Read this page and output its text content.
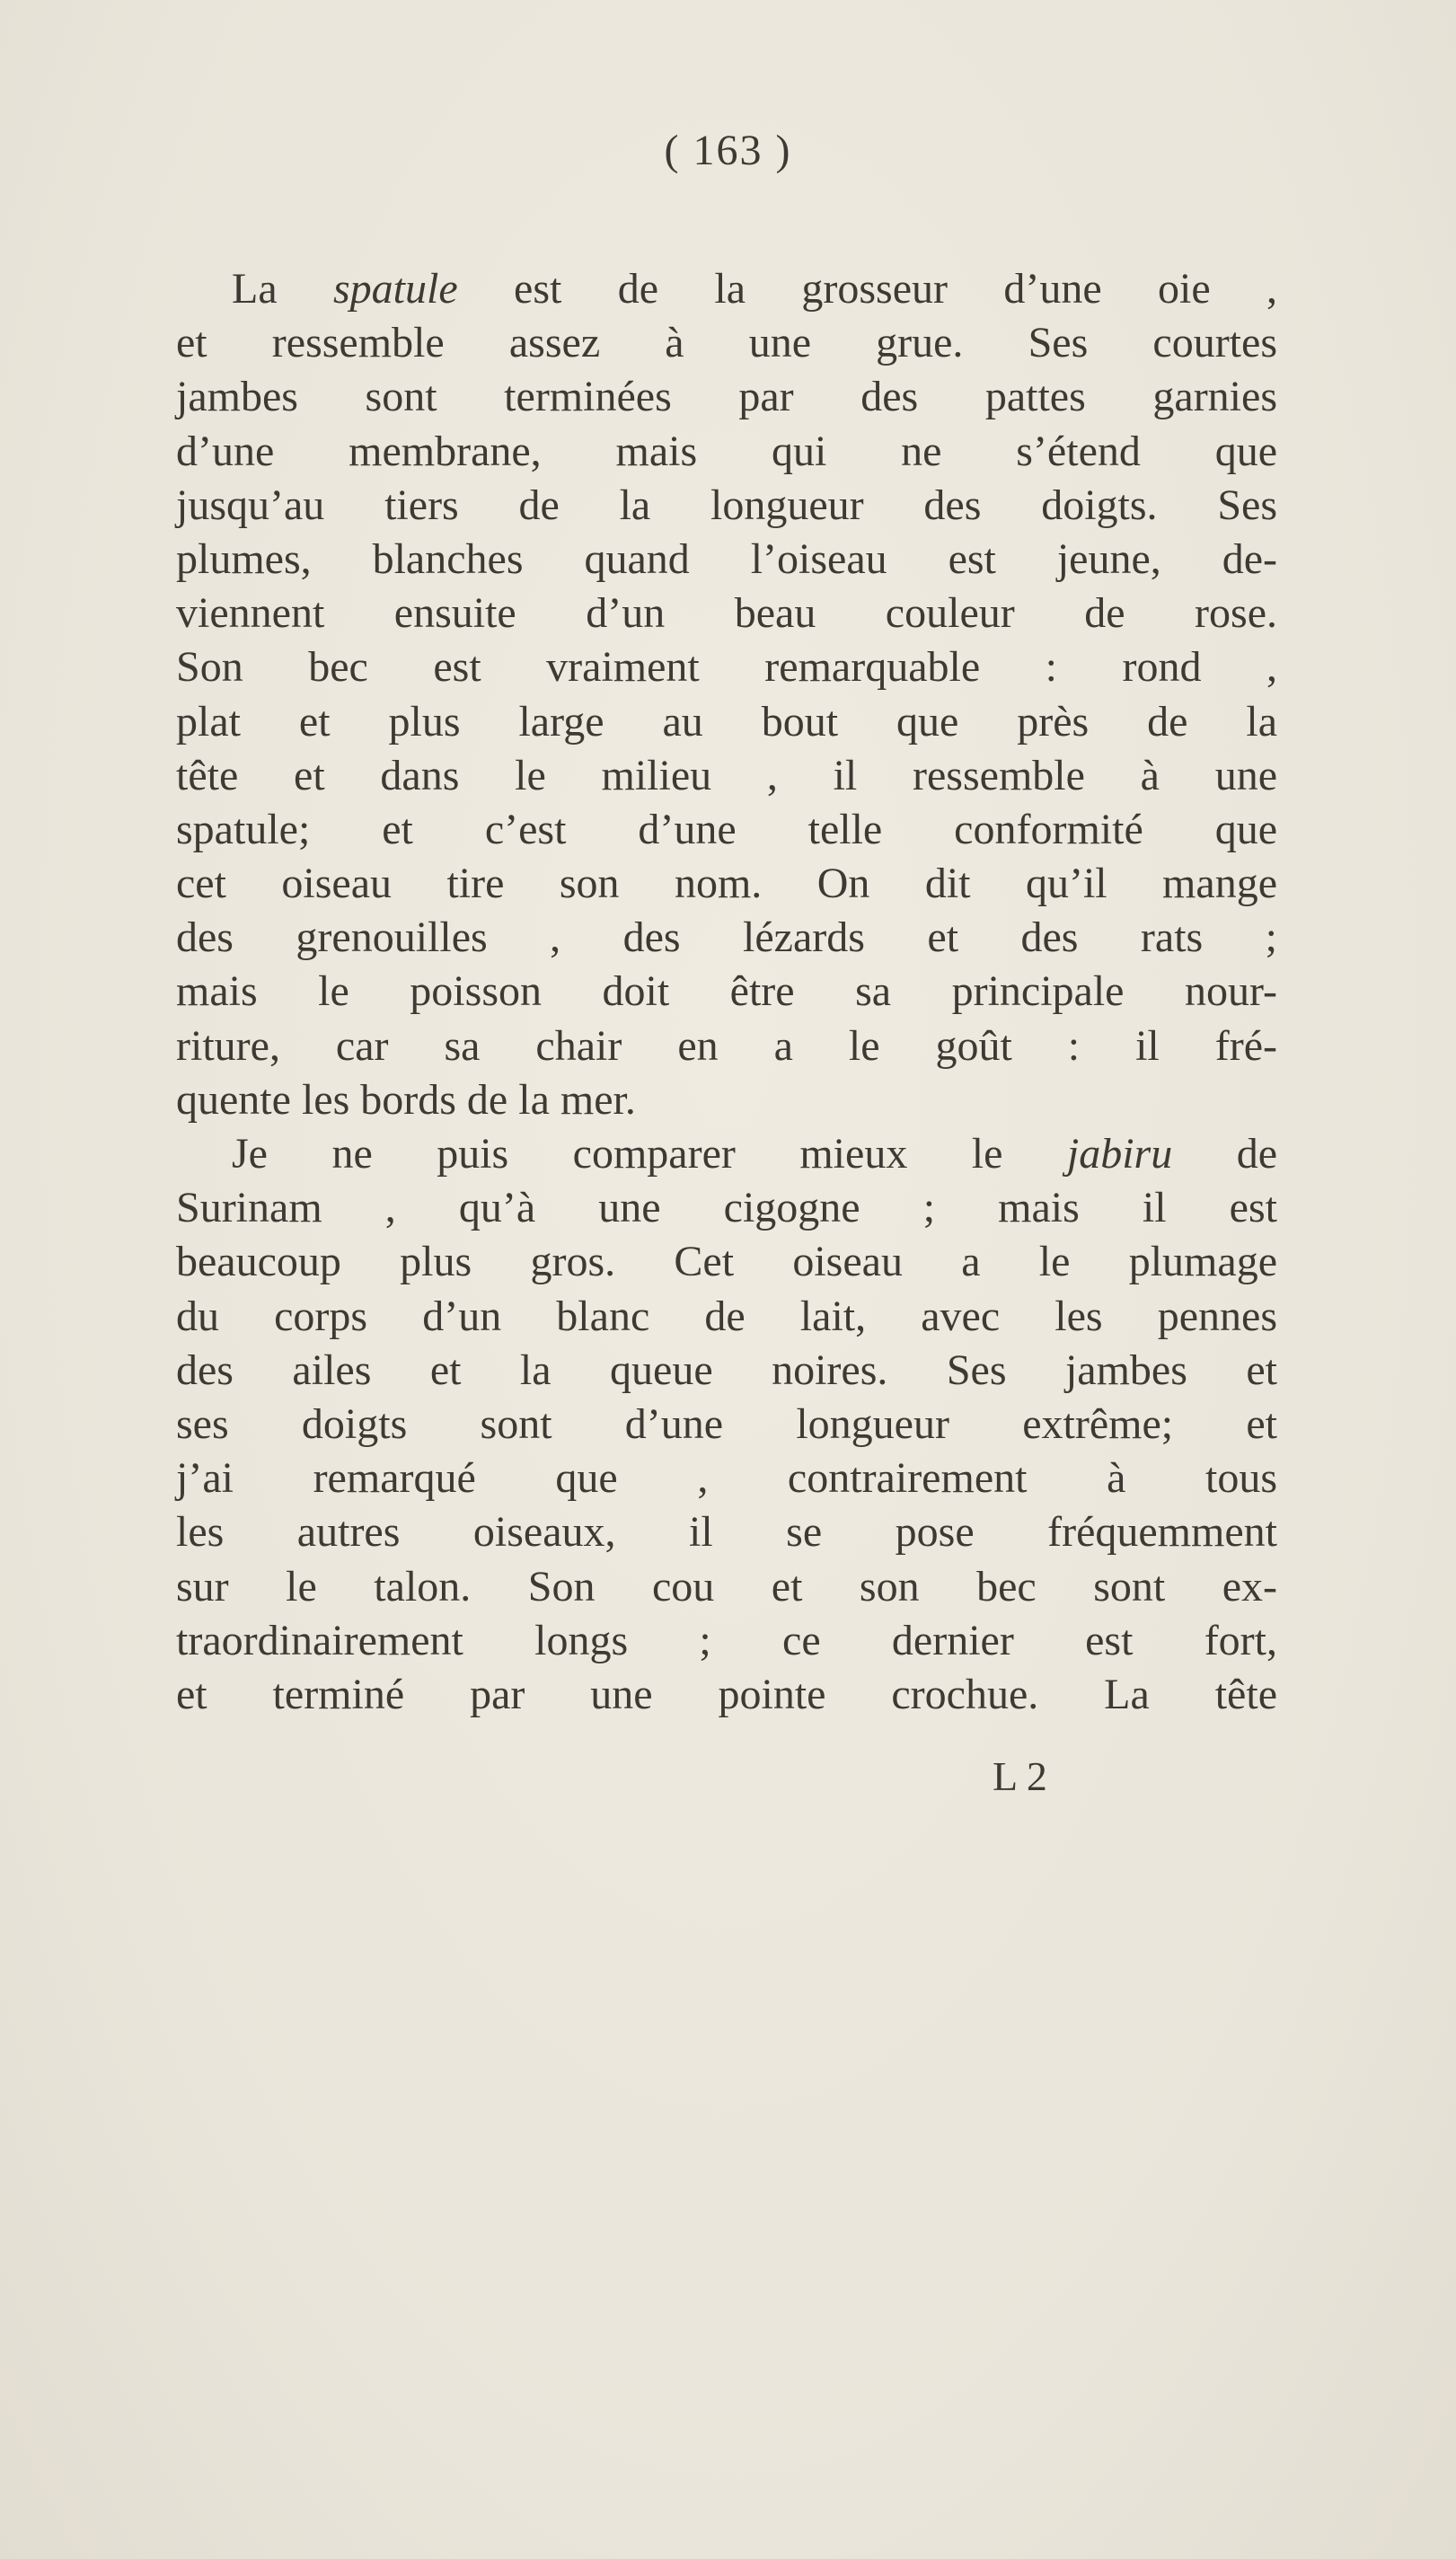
( 163 )
La spatule est de la grosseur d’une oie ,
et ressemble assez à une grue. Ses courtes
jambes sont terminées par des pattes garnies
d’une membrane, mais qui ne s’étend que
jusqu’au tiers de la longueur des doigts. Ses
plumes, blanches quand l’oiseau est jeune, de-
viennent ensuite d’un beau couleur de rose.
Son bec est vraiment remarquable : rond ,
plat et plus large au bout que près de la
tête et dans le milieu , il ressemble à une
spatule; et c’est d’une telle conformité que
cet oiseau tire son nom. On dit qu’il mange
des grenouilles , des lézards et des rats ;
mais le poisson doit être sa principale nour-
riture, car sa chair en a le goût : il fré-
quente les bords de la mer.
Je ne puis comparer mieux le jabiru de
Surinam , qu’à une cigogne ; mais il est
beaucoup plus gros. Cet oiseau a le plumage
du corps d’un blanc de lait, avec les pennes
des ailes et la queue noires. Ses jambes et
ses doigts sont d’une longueur extrême; et
j’ai remarqué que , contrairement à tous
les autres oiseaux, il se pose fréquemment
sur le talon. Son cou et son bec sont ex-
traordinairement longs ; ce dernier est fort,
et terminé par une pointe crochue. La tête
L 2
